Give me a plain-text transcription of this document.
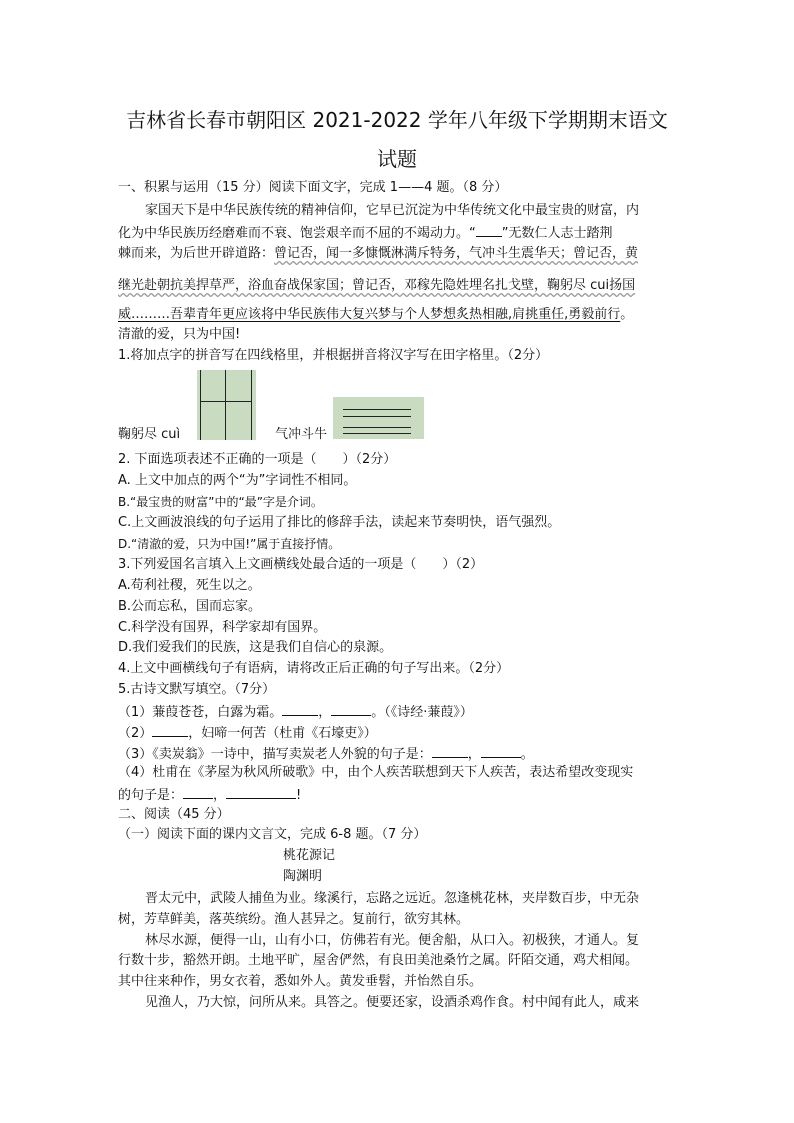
吉林省长春市朝阳区 2021-2022 学年八年级下学期期末语文
试题
一、积累与运用（15 分）阅读下面文字，完成 1——4 题。（8 分）
家国天下是中华民族传统的精神信仰，它早已沉淀为中华传统文化中最宝贵的财富，内
化为中华民族历经磨难而不衰、饱尝艰辛而不屈的不竭动力。“ ”无数仁人志士踏荆
棘而来，为后世开辟道路：曾记否，闻一多慷慨淋满斥特务，气冲斗生震华天；曾记否，黄
继光赴朝抗美捍草严，浴血奋战保家国；曾记否，邓稼先隐姓埋名扎戈壁，鞠躬尽 cui扬国
威………吾辈青年更应该将中华民族伟大复兴梦与个人梦想炙热相融,肩挑重任,勇毅前行。
清澈的爱，只为中国!
1.将加点字的拼音写在四线格里，并根据拼音将汉字写在田字格里。（2分）
鞠躬尽 cuì	气冲斗牛
2. 下面选项表述不正确的一项是（　　）（2分）
A. 上文中加点的两个“为”字词性不相同。
B.“最宝贵的财富”中的“最”字是介词。
C.上文画波浪线的句子运用了排比的修辞手法，读起来节奏明快，语气强烈。
D.“清澈的爱，只为中国!”属于直接抒情。
3.下列爱国名言填入上文画横线处最合适的一项是（　　）（2）
A.苟利社稷，死生以之。
B.公而忘私，国而忘家。
C.科学没有国界，科学家却有国界。
D.我们爱我们的民族，这是我们自信心的泉源。
4.上文中画横线句子有语病，请将改正后正确的句子写出来。（2分）
5.古诗文默写填空。（7分）
（1）蒹葭苍苍，白露为霜。	，	。（《诗经·蒹葭》）
（2）	，妇啼一何苦（杜甫《石壕吏》）
（3）《卖炭翁》一诗中，描写卖炭老人外貌的句子是：	，	。
（4）杜甫在《茅屋为秋风所破歌》中，由个人疾苦联想到天下人疾苦，表达希望改变现实
的句子是： ，	!
二、阅读（45 分）
（一）阅读下面的课内文言文，完成 6-8 题。（7 分）
桃花源记
陶渊明
晋太元中，武陵人捕鱼为业。缘溪行，忘路之远近。忽逢桃花林，夹岸数百步，中无杂
树，芳草鲜美，落英缤纷。渔人甚异之。复前行，欲穷其林。
林尽水源，便得一山，山有小口，仿佛若有光。便舍船，从口入。初极狭，才通人。复
行数十步，豁然开朗。土地平旷，屋舍俨然，有良田美池桑竹之属。阡陌交通，鸡犬相闻。
其中往来种作，男女衣着，悉如外人。黄发垂髫，并怡然自乐。
见渔人，乃大惊，问所从来。具答之。便要还家，设酒杀鸡作食。村中闻有此人，咸来
